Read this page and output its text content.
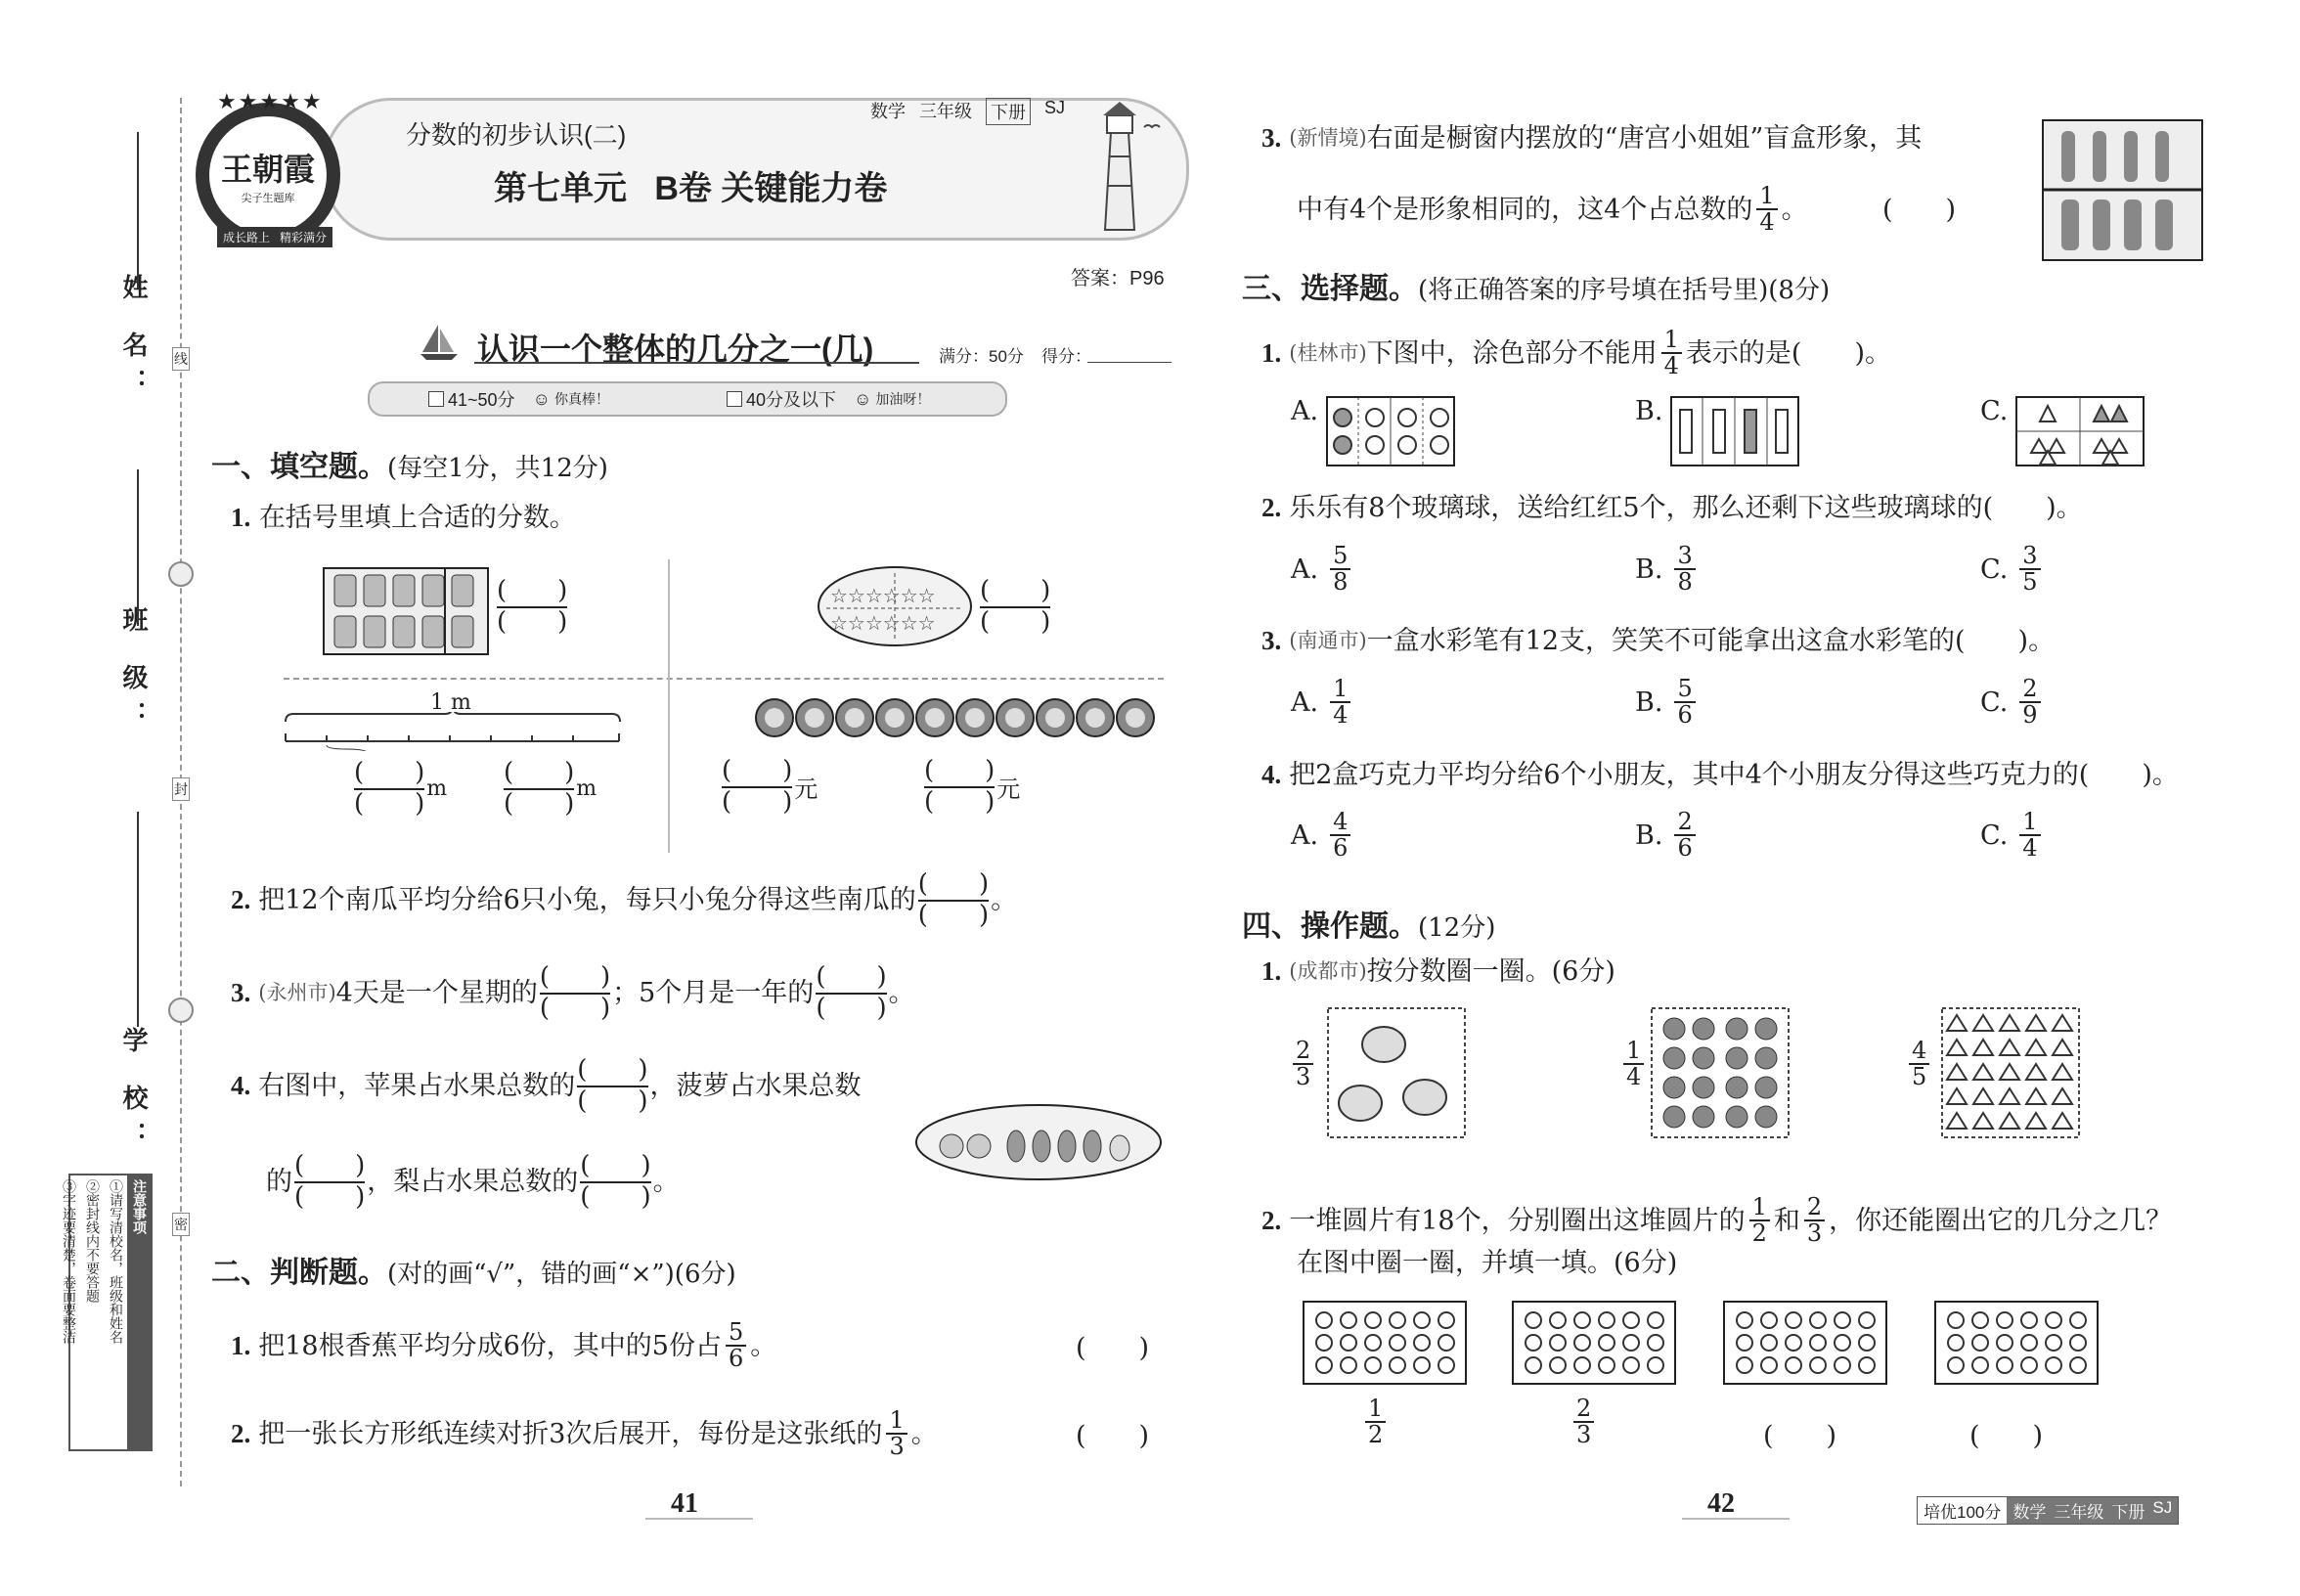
姓 名：
班 级：
学 校：
线
封
密
注意事项
①请写清校名，班级和姓名
②密封线内不要答题
③字迹要清楚，卷面要整洁
王朝霞
尖子生题库
★★★★★
成长路上 精彩满分
分数的初步认识(二)
数学 三年级 下册 SJ
第七单元   B卷 关键能力卷
答案：P96
认识一个整体的几分之一(几)	满分：50分 得分：
41~50分 ☺ 你真棒！	40分及以下 ☺ 加油呀！
一、填空题。(每空1分，共12分)
1. 在括号里填上合适的分数。
(　　)
(　　)
☆☆☆☆☆☆
☆☆☆☆☆☆
(　　)
(　　)
1 m
(　　)
(　　) m
(　　)
(　　) m
(　　)
(　　) 元
(　　)
(　　) 元
2. 把12个南瓜平均分给6只小兔，每只小兔分得这些南瓜的
(　　)
(　　) 。
3. (永州市) 4天是一个星期的
(　　)
(　　) ；5个月是一年的
(　　)
(　　) 。
4. 右图中，苹果占水果总数的
(　　)
(　　) ，菠萝占水果总数
的
(　　)
(　　) ，梨占水果总数的
(　　)
(　　) 。
二、判断题。(对的画“√”，错的画“×”)(6分)
1. 把18根香蕉平均分成6份，其中的5份占 $\frac{5}{6}$ 。	(　　)
2. 把一张长方形纸连续对折3次后展开，每份是这张纸的 $\frac{1}{3}$ 。	(　　)
41
3. (新情境) 右面是橱窗内摆放的“唐宫小姐姐”盲盒形象，其
中有4个是形象相同的，这4个占总数的 $\frac{1}{4}$ 。	(　　)
三、选择题。(将正确答案的序号填在括号里)(8分)
1. (桂林市) 下图中，涂色部分不能用 $\frac{1}{4}$ 表示的是(　　)。
A.	B.	C.
2. 乐乐有8个玻璃球，送给红红5个，那么还剩下这些玻璃球的(　　)。
A. $\frac{5}{8}$	B. $\frac{3}{8}$	C. $\frac{3}{5}$
3. (南通市) 一盒水彩笔有12支，笑笑不可能拿出这盒水彩笔的(　　)。
A. $\frac{1}{4}$	B. $\frac{5}{6}$	C. $\frac{2}{9}$
4. 把2盒巧克力平均分给6个小朋友，其中4个小朋友分得这些巧克力的(　　)。
A. $\frac{4}{6}$	B. $\frac{2}{6}$	C. $\frac{1}{4}$
四、操作题。(12分)
1. (成都市) 按分数圈一圈。(6分)
$\frac{2}{3}$	$\frac{1}{4}$	$\frac{4}{5}$
2. 一堆圆片有18个，分别圈出这堆圆片的 $\frac{1}{2}$ 和 $\frac{2}{3}$ ，你还能圈出它的几分之几？
在图中圈一圈，并填一填。(6分)
$\frac{1}{2}$	$\frac{2}{3}$	(　　)	(　　)
42	培优100分 数学 三年级 下册 SJ
